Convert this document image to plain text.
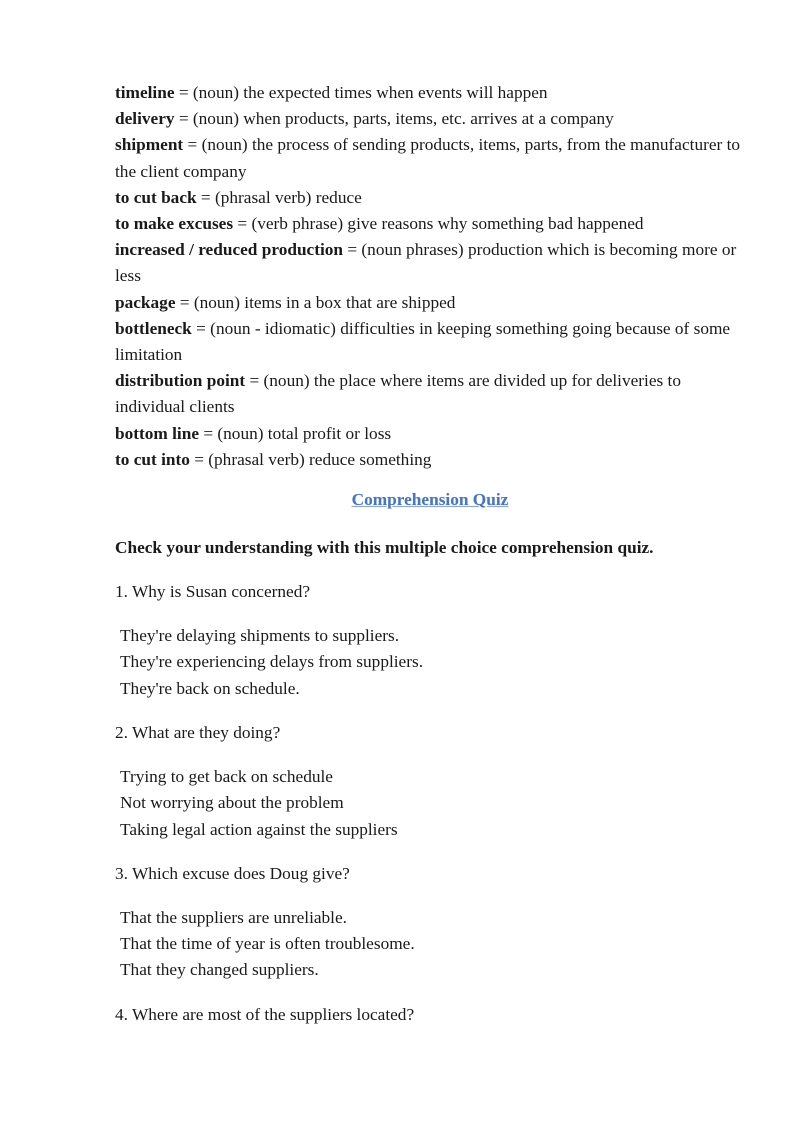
timeline = (noun) the expected times when events will happen
delivery = (noun) when products, parts, items, etc. arrives at a company
shipment = (noun) the process of sending products, items, parts, from the manufacturer to the client company
to cut back = (phrasal verb) reduce
to make excuses = (verb phrase) give reasons why something bad happened
increased / reduced production = (noun phrases) production which is becoming more or less
package = (noun) items in a box that are shipped
bottleneck = (noun - idiomatic) difficulties in keeping something going because of some limitation
distribution point = (noun) the place where items are divided up for deliveries to individual clients
bottom line = (noun) total profit or loss
to cut into = (phrasal verb) reduce something
Comprehension Quiz
Check your understanding with this multiple choice comprehension quiz.
1. Why is Susan concerned?
They're delaying shipments to suppliers.
They're experiencing delays from suppliers.
They're back on schedule.
2. What are they doing?
Trying to get back on schedule
Not worrying about the problem
Taking legal action against the suppliers
3. Which excuse does Doug give?
That the suppliers are unreliable.
That the time of year is often troublesome.
That they changed suppliers.
4. Where are most of the suppliers located?
